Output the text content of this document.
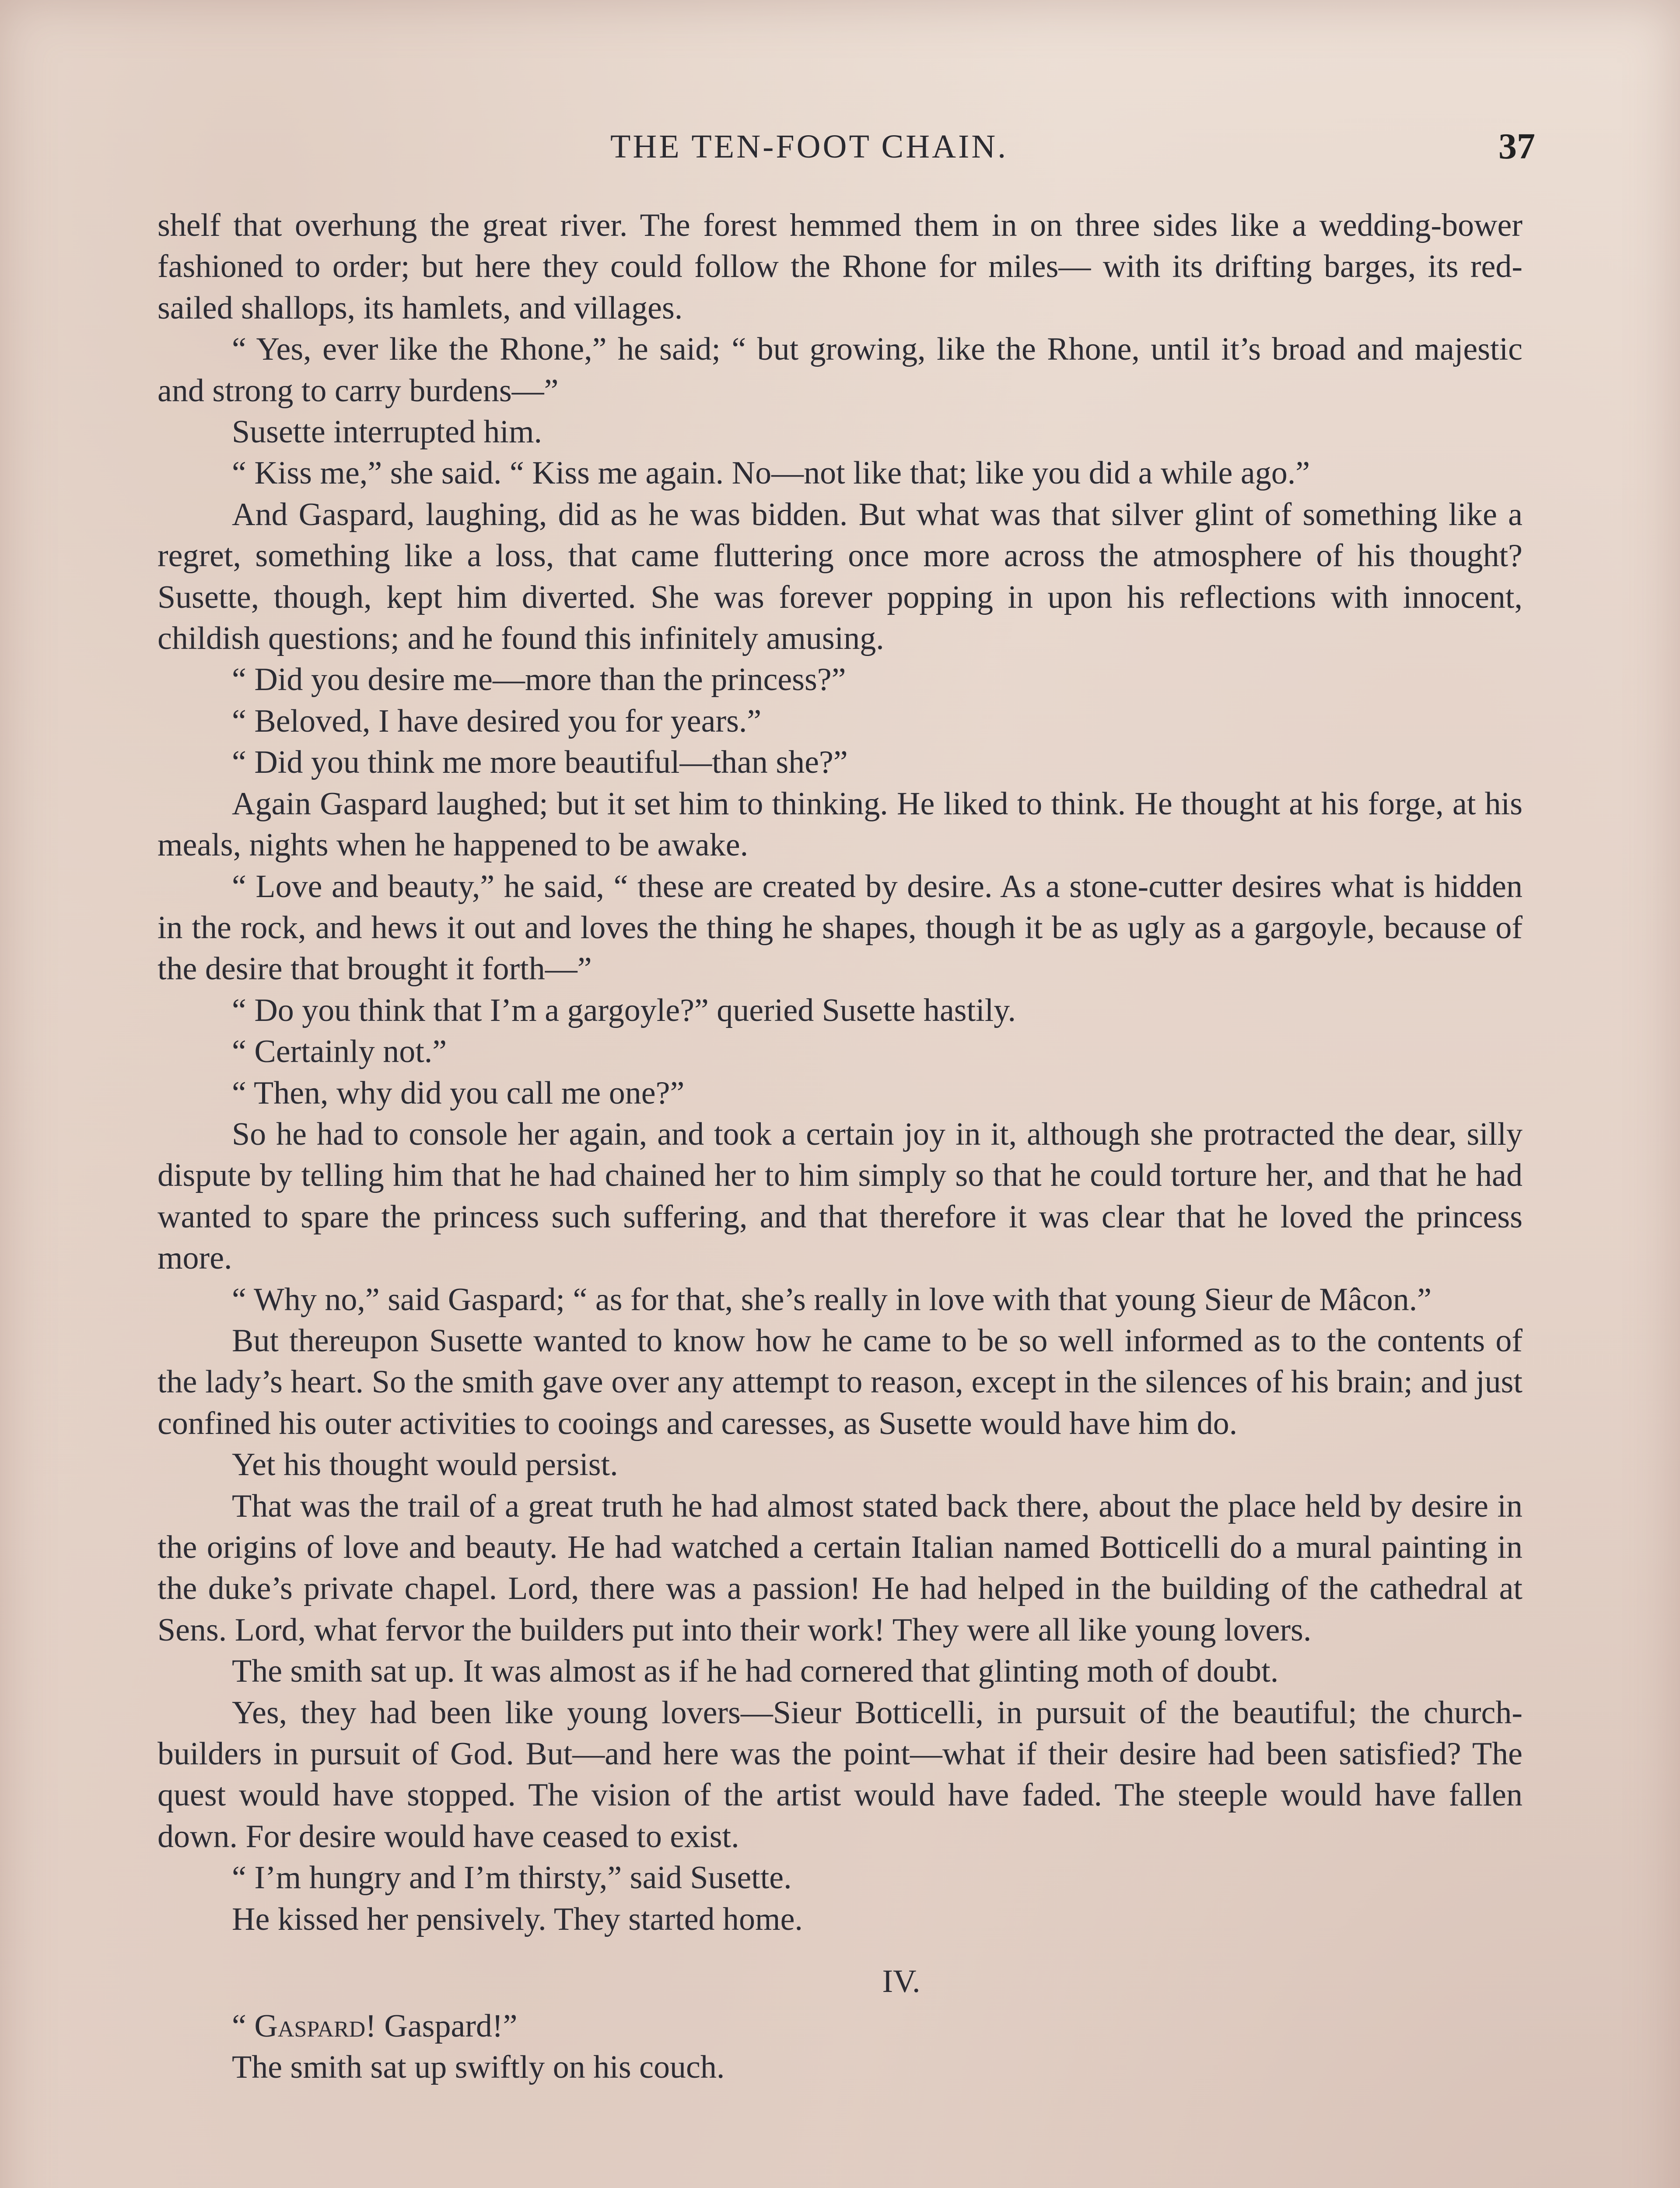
THE TEN-FOOT CHAIN.	37

shelf that overhung the great river. The forest hemmed them in on three sides like a wedding-bower fashioned to order; but here they could follow the Rhone for miles— with its drifting barges, its red-sailed shallops, its hamlets, and villages.

“ Yes, ever like the Rhone,” he said; “ but growing, like the Rhone, until it’s broad and majestic and strong to carry burdens—”

Susette interrupted him.

“ Kiss me,” she said. “ Kiss me again. No—not like that; like you did a while ago.”

And Gaspard, laughing, did as he was bidden. But what was that silver glint of something like a regret, something like a loss, that came fluttering once more across the atmosphere of his thought? Susette, though, kept him diverted. She was forever popping in upon his reflections with innocent, childish questions; and he found this infinitely amusing.

“ Did you desire me—more than the princess?”

“ Beloved, I have desired you for years.”

“ Did you think me more beautiful—than she?”

Again Gaspard laughed; but it set him to thinking. He liked to think. He thought at his forge, at his meals, nights when he happened to be awake.

“ Love and beauty,” he said, “ these are created by desire. As a stone-cutter desires what is hidden in the rock, and hews it out and loves the thing he shapes, though it be as ugly as a gargoyle, because of the desire that brought it forth—”

“ Do you think that I’m a gargoyle?” queried Susette hastily.

“ Certainly not.”

“ Then, why did you call me one?”

So he had to console her again, and took a certain joy in it, although she protracted the dear, silly dispute by telling him that he had chained her to him simply so that he could torture her, and that he had wanted to spare the princess such suffering, and that therefore it was clear that he loved the princess more.

“ Why no,” said Gaspard; “ as for that, she’s really in love with that young Sieur de Mâcon.”

But thereupon Susette wanted to know how he came to be so well informed as to the contents of the lady’s heart. So the smith gave over any attempt to reason, except in the silences of his brain; and just confined his outer activities to cooings and caresses, as Susette would have him do.

Yet his thought would persist.

That was the trail of a great truth he had almost stated back there, about the place held by desire in the origins of love and beauty. He had watched a certain Italian named Botticelli do a mural painting in the duke’s private chapel. Lord, there was a passion! He had helped in the building of the cathedral at Sens. Lord, what fervor the builders put into their work! They were all like young lovers.

The smith sat up. It was almost as if he had cornered that glinting moth of doubt.

Yes, they had been like young lovers—Sieur Botticelli, in pursuit of the beautiful; the church-builders in pursuit of God. But—and here was the point—what if their desire had been satisfied? The quest would have stopped. The vision of the artist would have faded. The steeple would have fallen down. For desire would have ceased to exist.

“ I’m hungry and I’m thirsty,” said Susette.

He kissed her pensively. They started home.

IV.

“ Gaspard! Gaspard!”

The smith sat up swiftly on his couch.
